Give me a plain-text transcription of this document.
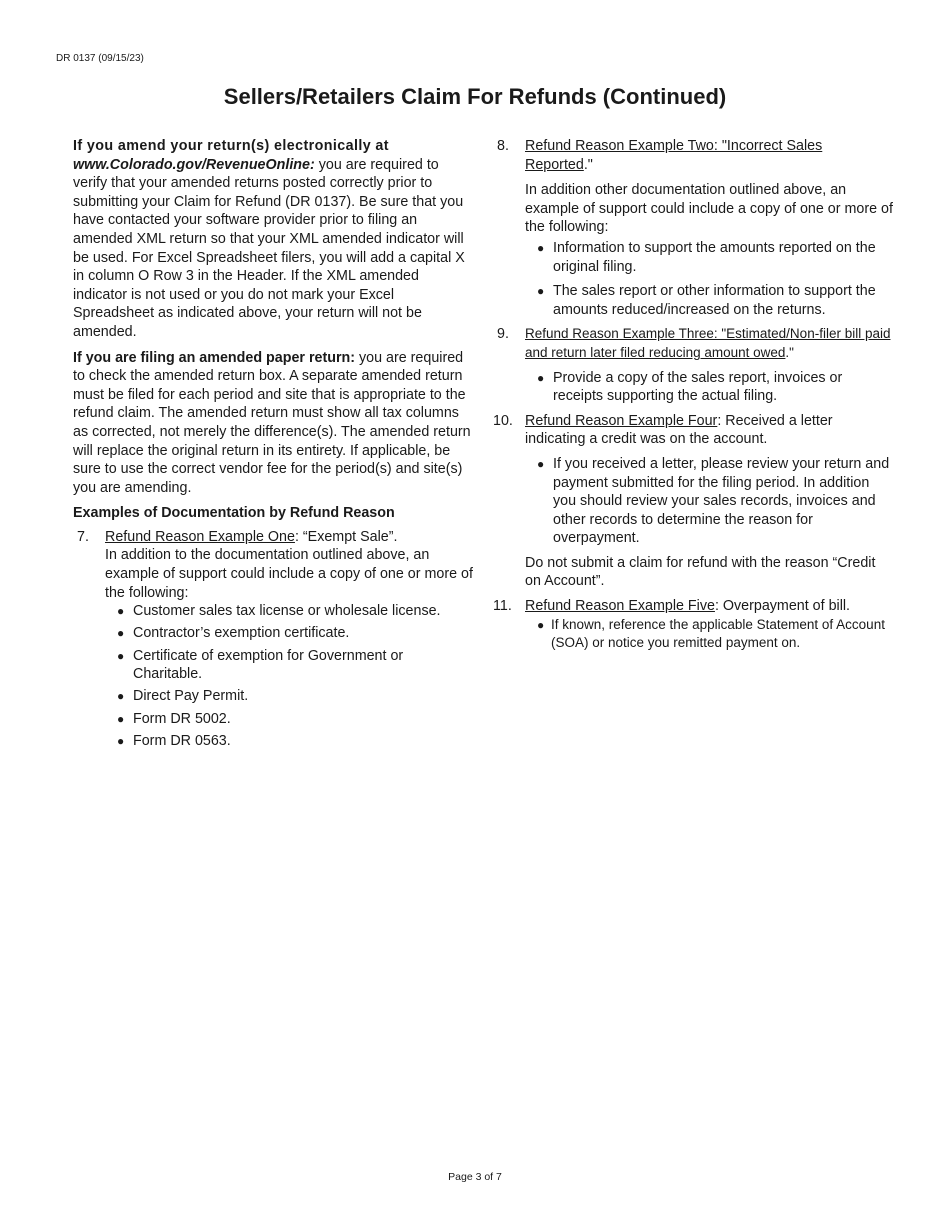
DR 0137 (09/15/23)
Sellers/Retailers Claim For Refunds (Continued)

If you amend your return(s) electronically at
www.Colorado.gov/RevenueOnline: you are required to verify that your amended returns posted correctly prior to submitting your Claim for Refund (DR 0137). Be sure that you have contacted your software provider prior to filing an amended XML return so that your XML amended indicator will be used. For Excel Spreadsheet filers, you will add a capital X in column O Row 3 in the Header. If the XML amended indicator is not used or you do not mark your Excel Spreadsheet as indicated above, your return will not be amended.

If you are filing an amended paper return: you are required to check the amended return box. A separate amended return must be filed for each period and site that is appropriate to the refund claim. The amended return must show all tax columns as corrected, not merely the difference(s). The amended return will replace the original return in its entirety. If applicable, be sure to use the correct vendor fee for the period(s) and site(s) you are amending.

Examples of Documentation by Refund Reason

7. Refund Reason Example One: “Exempt Sale”.

In addition to the documentation outlined above, an example of support could include a copy of one or more of the following:

● Customer sales tax license or wholesale license.
● Contractor’s exemption certificate.
● Certificate of exemption for Government or Charitable.
● Direct Pay Permit.
● Form DR 5002.
● Form DR 0563.
8. Refund Reason Example Two: "Incorrect Sales Reported."

In addition other documentation outlined above, an example of support could include a copy of one or more of the following:

● Information to support the amounts reported on the original filing.
● The sales report or other information to support the amounts reduced/increased on the returns.
9. Refund Reason Example Three: "Estimated/Non-filer bill paid and return later filed reducing amount owed."

● Provide a copy of the sales report, invoices or receipts supporting the actual filing.
10. Refund Reason Example Four: Received a letter indicating a credit was on the account.

● If you received a letter, please review your return and payment submitted for the filing period. In addition you should review your sales records, invoices and other records to determine the reason for overpayment.

Do not submit a claim for refund with the reason “Credit on Account”.

11. Refund Reason Example Five: Overpayment of bill.

● If known, reference the applicable Statement of Account (SOA) or notice you remitted payment on.
Page 3 of 7
